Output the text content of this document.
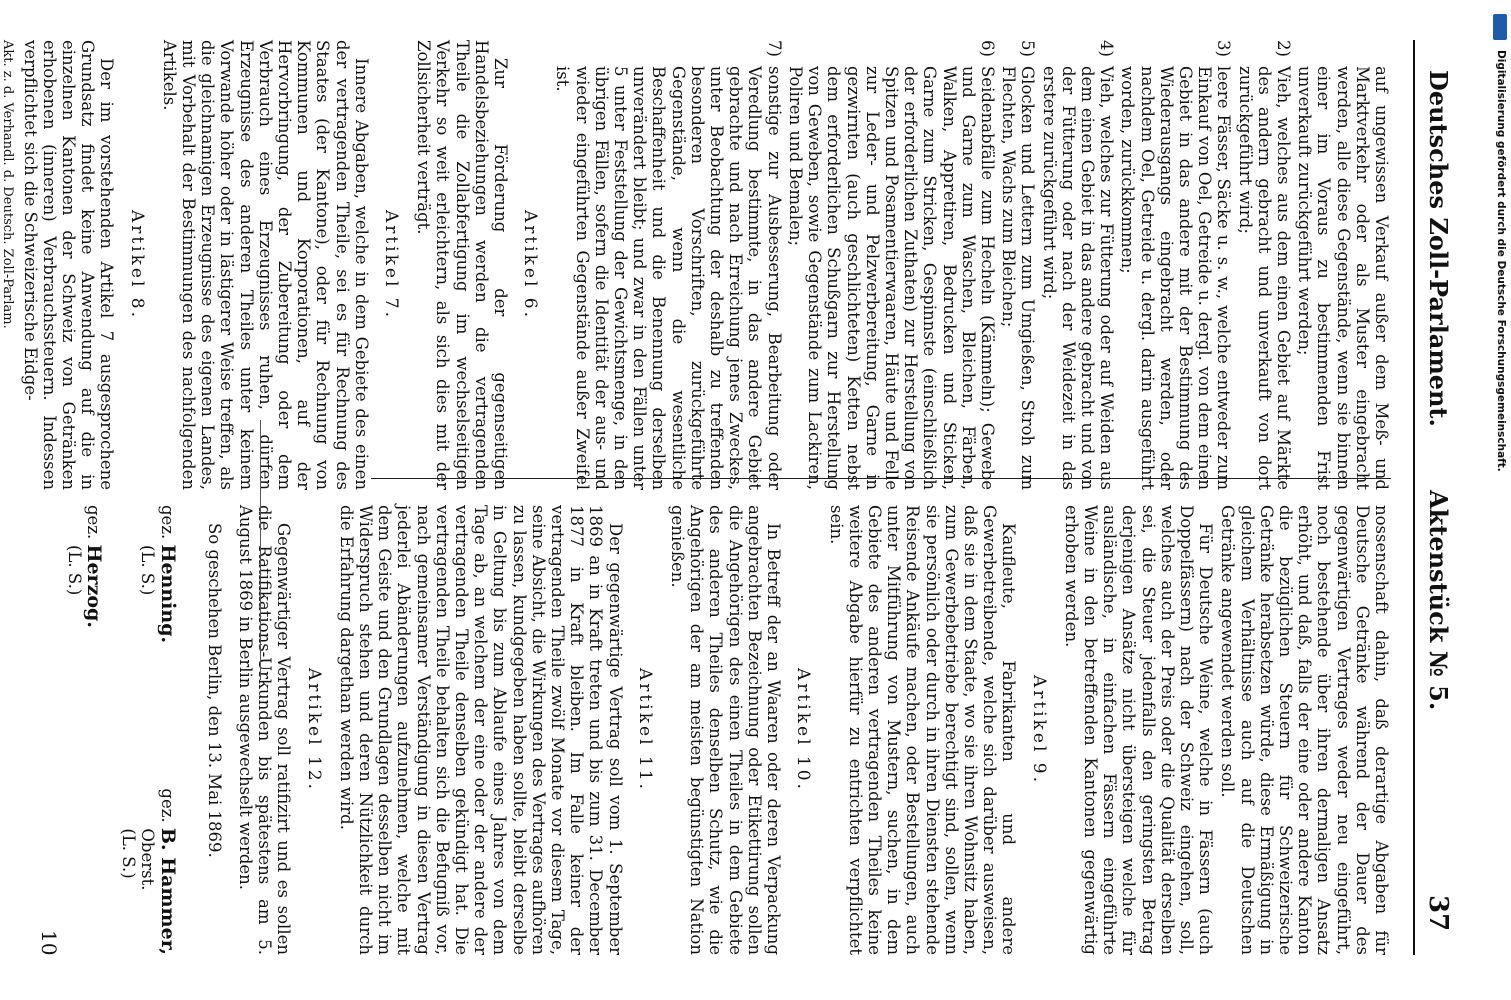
Deutsches Zoll-Parlament.
Aktenstück № 5.

auf ungewissen Verkauf außer dem Meß- und Marktverkehr oder als Muster eingebracht werden, alle diese Gegenstände, wenn sie binnen einer im Voraus zu bestimmenden Frist unverkauft zurückgeführt werden;

2)Vieh, welches aus dem einen Gebiet auf Märkte des andern gebracht und unverkauft von dort zurückgeführt wird;

3)leere Fässer, Säcke u. s. w., welche entweder zum Einkauf von Oel, Getreide u. dergl. von dem einen Gebiet in das andere mit der Bestimmung des Wiederausgangs eingebracht werden, oder nachdem Oel, Getreide u. dergl. darin ausgeführt worden, zurückkommen;

4)Vieh, welches zur Fütterung oder auf Weiden aus dem einen Gebiet in das andere gebracht und von der Fütterung oder nach der Weidezeit in das erstere zurückgeführt wird;

5)Glocken und Lettern zum Umgießen, Stroh zum Flechten, Wachs zum Bleichen;

6)Seidenabfälle zum Hecheln (Kämmeln); Gewebe und Garne zum Waschen, Bleichen, Färben, Walken, Appretiren, Bedrucken und Sticken, Garne zum Stricken, Gespinnste (einschließlich der erforderlichen Zuthaten) zur Herstellung von Spitzen und Posamentierwaaren, Häute und Felle zur Leder- und Pelzwerbereitung, Garne in gezwirnten (auch geschlichteten) Ketten nebst dem erforderlichen Schußgarn zur Herstellung von Geweben, sowie Gegenstände zum Lackiren, Poliren und Bemalen;

7)sonstige zur Ausbesserung, Bearbeitung oder Veredlung bestimmte, in das andere Gebiet gebrachte und nach Erreichung jenes Zweckes, unter Beobachtung der deshalb zu treffenden besonderen Vorschriften, zurückgeführte Gegenstände, wenn die wesentliche Beschaffenheit und die Benennung derselben unverändert bleibt; und zwar in den Fällen unter 5 unter Feststellung der Gewichtsmenge, in den übrigen Fällen, sofern die Identität der aus- und wieder eingeführten Gegenstände außer Zweifel ist.

Artikel 6.

Zur Förderung der gegenseitigen Handelsbeziehungen werden die vertragenden Theile die Zollabfertigung im wechselseitigen Verkehr so weit erleichtern, als sich dies mit der Zollsicherheit verträgt.

Artikel 7.

Innere Abgaben, welche in dem Gebiete des einen der vertragenden Theile, sei es für Rechnung des Staates (der Kantone), oder für Rechnung von Kommunen und Korporationen, auf der Hervorbringung, der Zubereitung oder dem Verbrauch eines Erzeugnisses ruhen, dürfen Erzeugnisse des anderen Theiles unter keinem Vorwande höher oder in lästigerer Weise treffen, als die gleichnamigen Erzeugnisse des eigenen Landes, mit Vorbehalt der Bestimmungen des nachfolgenden Artikels.

Artikel 8.

Der im vorstehenden Artikel 7 ausgesprochene Grundsatz findet keine Anwendung auf die in einzelnen Kantonen der Schweiz von Getränken erhobenen (inneren) Verbrauchssteuern. Indessen verpflichtet sich die Schweizerische Eidge-

Akt. z. d. Verhandl. d. Deutsch. Zoll-Parlam.

nossenschaft dahin, daß derartige Abgaben für Deutsche Getränke während der Dauer des gegenwärtigen Vertrages weder neu eingeführt, noch bestehende über ihren dermaligen Ansatz erhöht, und daß, falls der eine oder andere Kanton die bezüglichen Steuern für Schweizerische Getränke herabsetzen würde, diese Ermäßigung in gleichem Verhältnisse auch auf die Deutschen Getränke angewendet werden soll.

Für Deutsche Weine, welche in Fässern (auch Doppelfässern) nach der Schweiz eingehen, soll, welches auch der Preis oder die Qualität derselben sei, die Steuer jedenfalls den geringsten Betrag derjenigen Ansätze nicht übersteigen welche für ausländische, in einfachen Fässern eingeführte Weine in den betreffenden Kantonen gegenwärtig erhoben werden.

Artikel 9.

Kaufleute, Fabrikanten und andere Gewerbetreibende, welche sich darüber ausweisen, daß sie in dem Staate, wo sie ihren Wohnsitz haben, zum Gewerbebetriebe berechtigt sind, sollen, wenn sie persönlich oder durch in ihren Diensten stehende Reisende Ankäufe machen, oder Bestellungen, auch unter Mitführung von Mustern, suchen, in dem Gebiete des anderen vertragenden Theiles keine weitere Abgabe hierfür zu entrichten verpflichtet sein.

Artikel 10.

In Betreff der an Waaren oder deren Verpackung angebrachten Bezeichnung oder Etikettirung sollen die Angehörigen des einen Theiles in dem Gebiete des anderen Theiles denselben Schutz, wie die Angehörigen der am meisten begünstigten Nation genießen.

Artikel 11.

Der gegenwärtige Vertrag soll vom 1. September 1869 an in Kraft treten und bis zum 31. December 1877 in Kraft bleiben. Im Falle keiner der vertragenden Theile zwölf Monate vor diesem Tage, seine Absicht, die Wirkungen des Vertrages aufhören zu lassen, kundgegeben haben sollte, bleibt derselbe in Geltung bis zum Ablaufe eines Jahres von dem Tage ab, an welchem der eine oder der andere der vertragenden Theile denselben gekündigt hat. Die vertragenden Theile behalten sich die Befugniß vor, nach gemeinsamer Verständigung in diesen Vertrag jederlei Abänderungen aufzunehmen, welche mit dem Geiste und den Grundlagen desselben nicht im Widerspruch stehen und deren Nützlichkeit durch die Erfahrung dargethan werden wird.

Artikel 12.

Gegenwärtiger Vertrag soll ratifizirt und es sollen die Ratifikations-Urkunden bis spätestens am 5. August 1869 in Berlin ausgewechselt werden.

So geschehen Berlin, den 13. Mai 1869.

gez. Henning.
(L. S.)
gez. B. Hammer,
Oberst.
(L. S.)
gez. Herzog.
(L. S.)
37
10
Digitalisierung gefördert durch die Deutsche Forschungsgemeinschaft.
